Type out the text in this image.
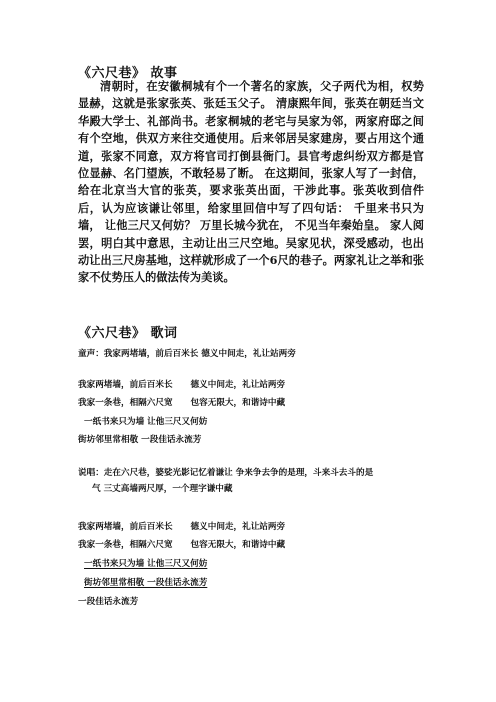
《六尺巷》 故事
清朝时，在安徽桐城有个一个著名的家族，父子两代为相，权势显赫，这就是张家张英、张廷玉父子。 清康熙年间，张英在朝廷当文华殿大学士、礼部尚书。老家桐城的老宅与吴家为邻，两家府邸之间有个空地，供双方来往交通使用。后来邻居吴家建房，要占用这个通道，张家不同意，双方将官司打倒县衙门。县官考虑纠纷双方都是官位显赫、名门望族，不敢轻易了断。 在这期间，张家人写了一封信，给在北京当大官的张英，要求张英出面，干涉此事。张英收到信件后，认为应该谦让邻里，给家里回信中写了四句话： 千里来书只为墙， 让他三尺又何妨？ 万里长城今犹在， 不见当年秦始皇。 家人阅罢，明白其中意思，主动让出三尺空地。吴家见状，深受感动，也出动让出三尺房基地，这样就形成了一个6尺的巷子。两家礼让之举和张家不仗势压人的做法传为美谈。
《六尺巷》 歌词
童声：我家两堵墙，前后百米长 德义中间走，礼让站两旁
我家两堵墙，前后百米长 德义中间走，礼让站两旁
我家一条巷，相隔六尺宽 包容无限大，和谐诗中藏
一纸书来只为墙 让他三尺又何妨
街坊邻里常相敬 一段佳话永流芳
说唱：走在六尺巷，婆娑光影记忆着谦让 争来争去争的是理，斗来斗去斗的是
气 三丈高墙两尺厚，一个理字谦中藏
我家两堵墙，前后百米长 德义中间走，礼让站两旁
我家一条巷，相隔六尺宽 包容无限大，和谐诗中藏
一纸书来只为墙 让他三尺又何妨
街坊邻里常相敬 一段佳话永流芳
一段佳话永流芳
